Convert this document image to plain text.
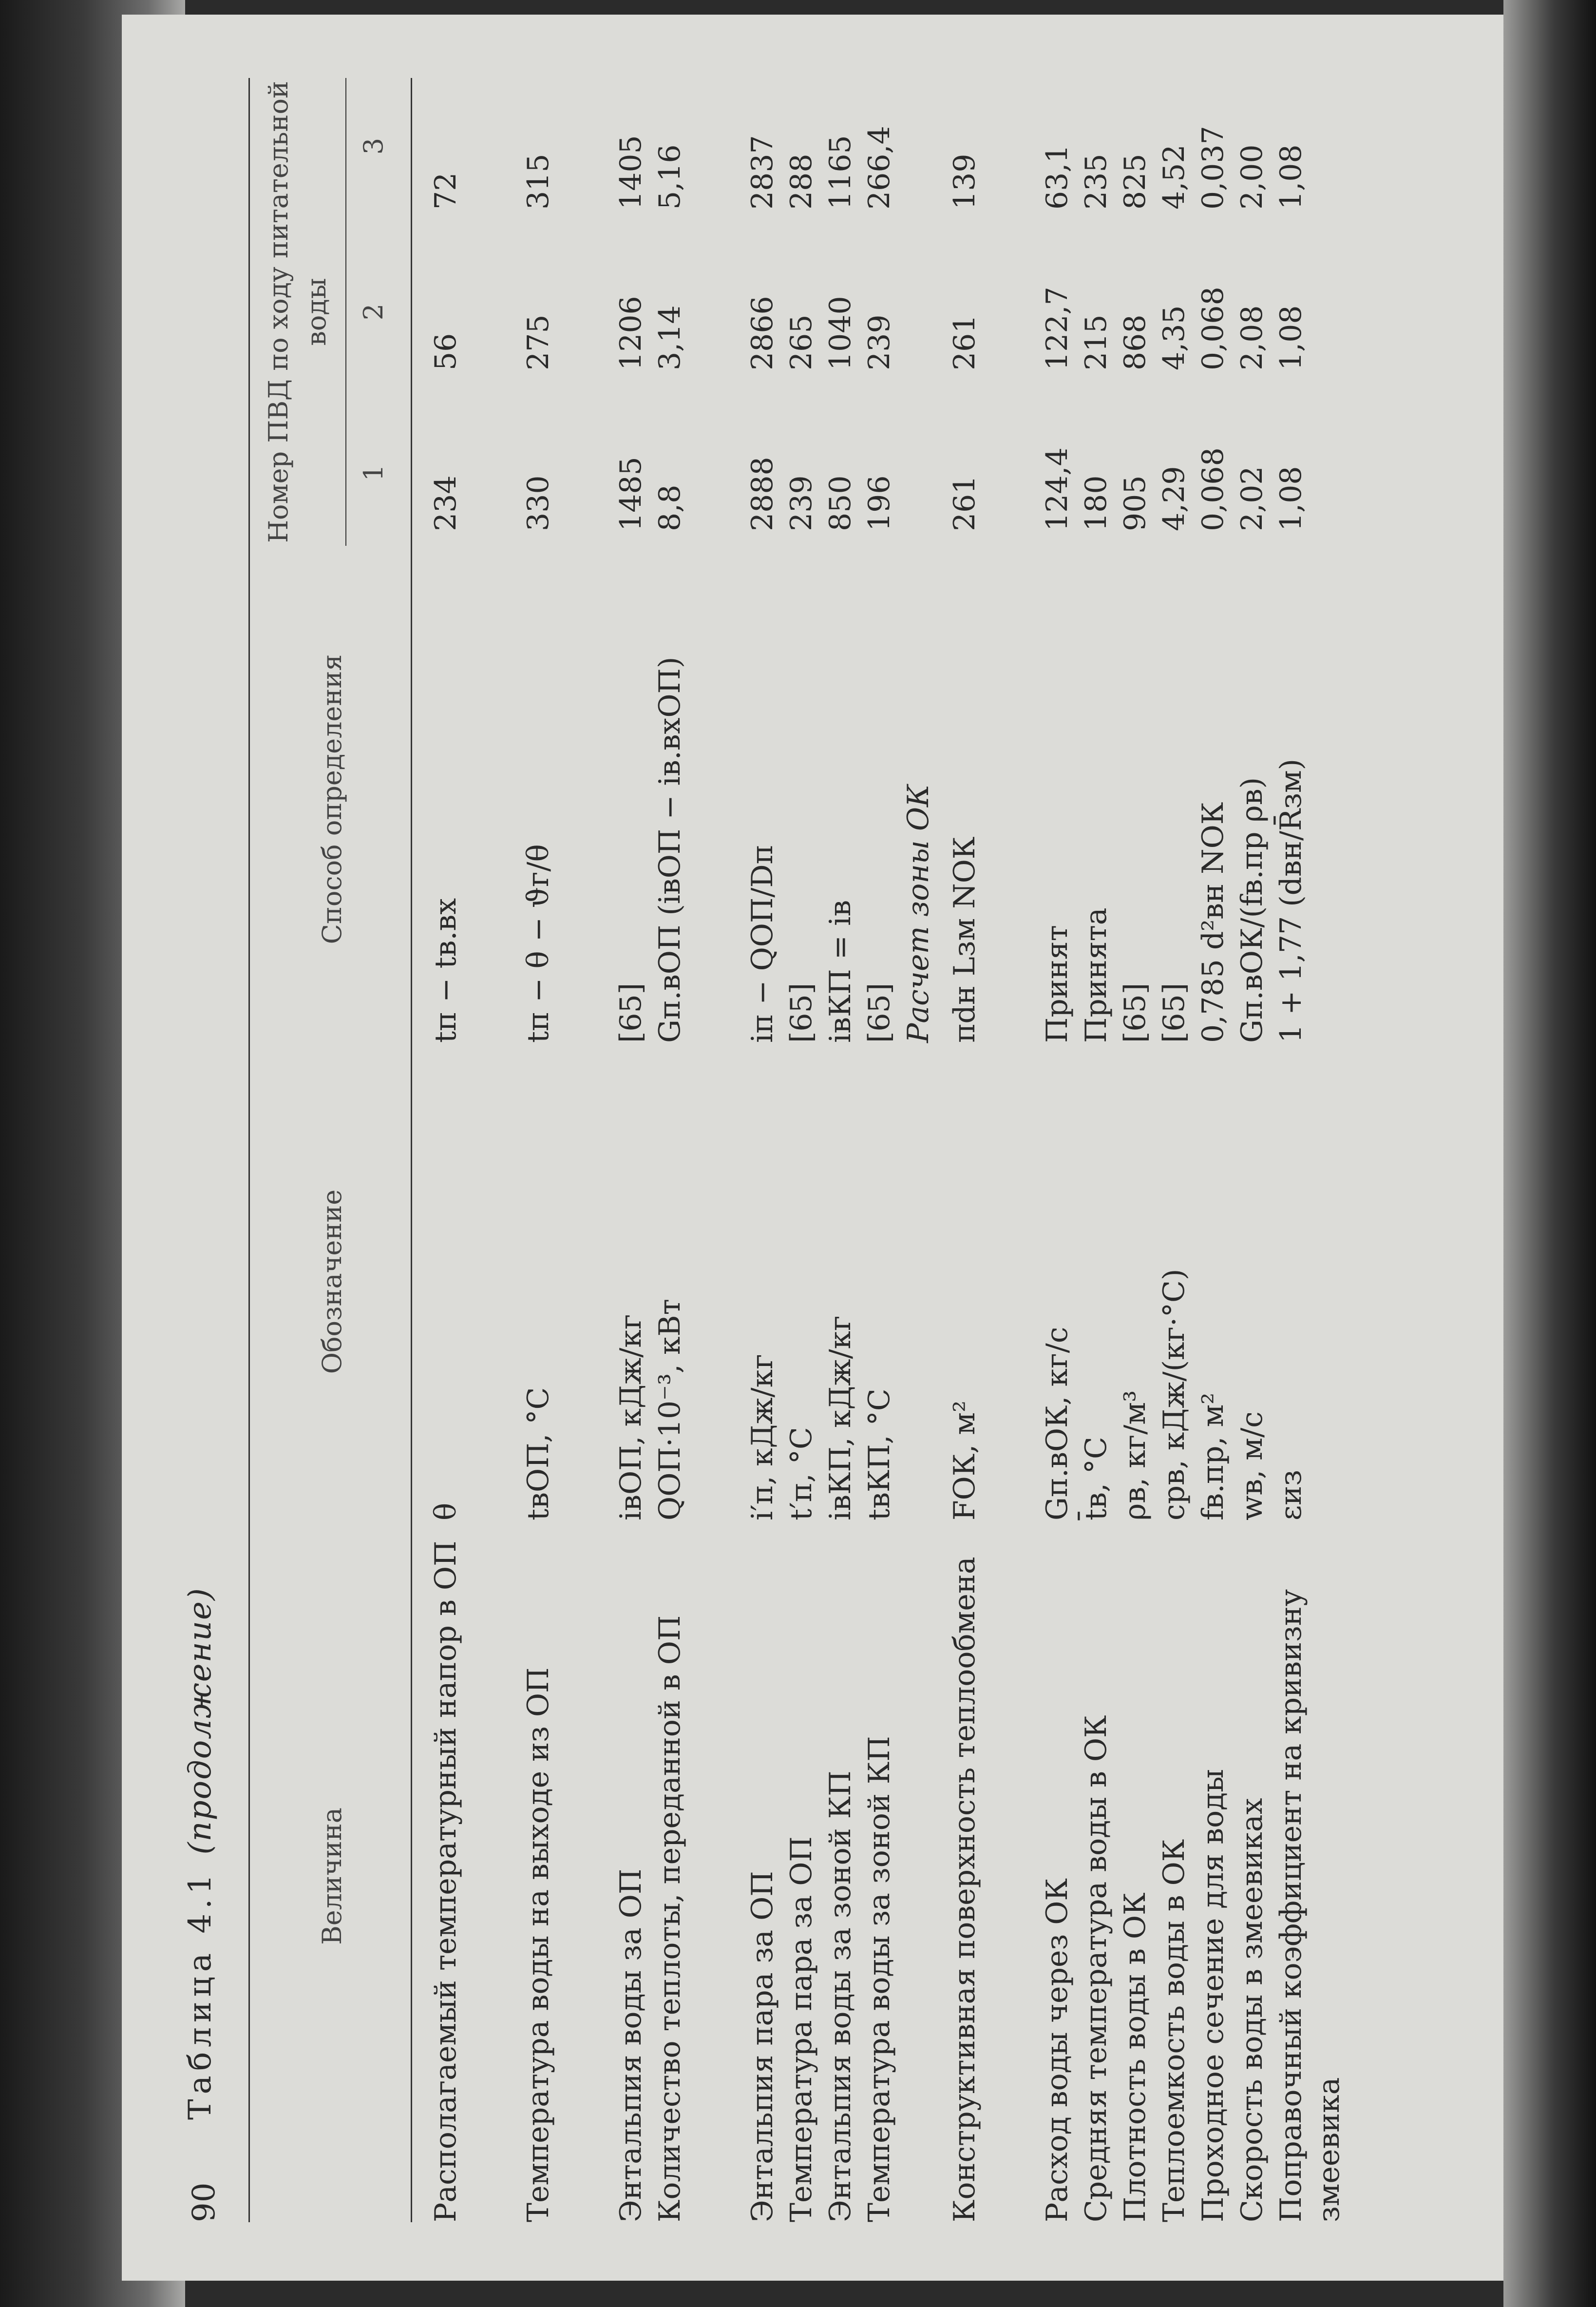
90
Таблица 4.1 (продолжение)
Величина
Обозначение
Способ определения
Номер ПВД по ходу питательной воды
1
2
3
Располагаемый температурный напор в ОП
θ
tп − tв.вх
234
56
72
Температура воды на выходе из ОП
tвОП, °С
tп − θ − ϑг/θ
330
275
315
Энтальпия воды за ОП
iвОП, кДж/кг
[65]
1485
1206
1405
Количество теплоты, переданной в ОП
QОП·10⁻³, кВт
Gп.вОП (iвОП − iв.вхОП)
8,8
3,14
5,16
Энтальпия пара за ОП
i′п, кДж/кг
iп − QОП/Dп
2888
2866
2837
Температура пара за ОП
t′п, °С
[65]
239
265
288
Энтальпия воды за зоной КП
iвКП, кДж/кг
iвКП = iв
850
1040
1165
Температура воды за зоной КП
tвКП, °С
[65]
196
239
266,4
Расчет зоны ОК
Конструктивная поверхность теплообмена
FОК, м²
πdн Lзм NОК
261
261
139
Расход воды через ОК
Gп.вОК, кг/с
Принят
124,4
122,7
63,1
Средняя температура воды в ОК
t̄в, °С
Принята
180
215
235
Плотность воды в ОК
ρв, кг/м³
[65]
905
868
825
Теплоемкость воды в ОК
cpв, кДж/(кг·°С)
[65]
4,29
4,35
4,52
Проходное сечение для воды
fв.пр, м²
0,785 d²вн NОК
0,068
0,068
0,037
Скорость воды в змеевиках
wв, м/с
Gп.вОК/(fв.пр ρв)
2,02
2,08
2,00
Поправочный коэффициент на кривизну змеевика
εиз
1 + 1,77 (dвн/R̄зм)
1,08
1,08
1,08
